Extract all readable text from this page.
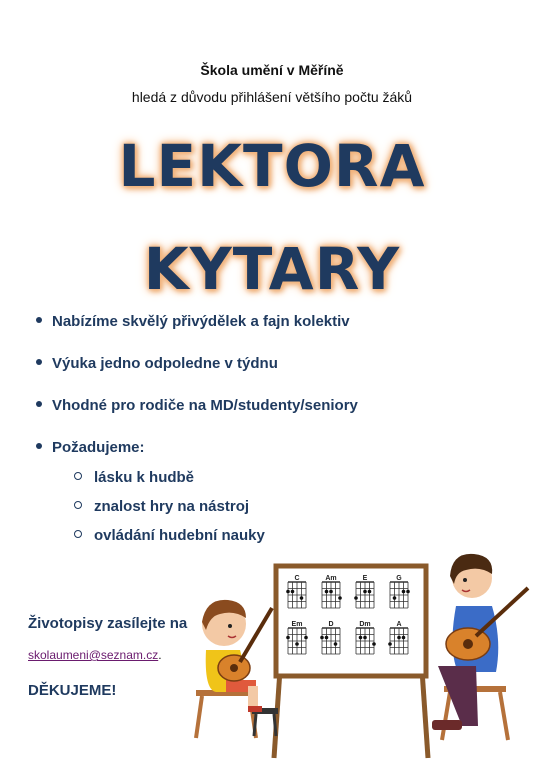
Škola umění v Měříně
hledá z důvodu přihlášení většího počtu žáků
LEKTORA
KYTARY
Nabízíme skvělý přivýdělek a fajn kolektiv
Výuka jedno odpoledne v týdnu
Vhodné pro rodiče na MD/studenty/seniory
Požadujeme:
lásku k hudbě
znalost hry na nástroj
ovládání hudební nauky
Životopisy zasílejte na
skolaumeni@seznam.cz.
DĚKUJEME!
C	Am	E	G
Em	D	Dm	A
